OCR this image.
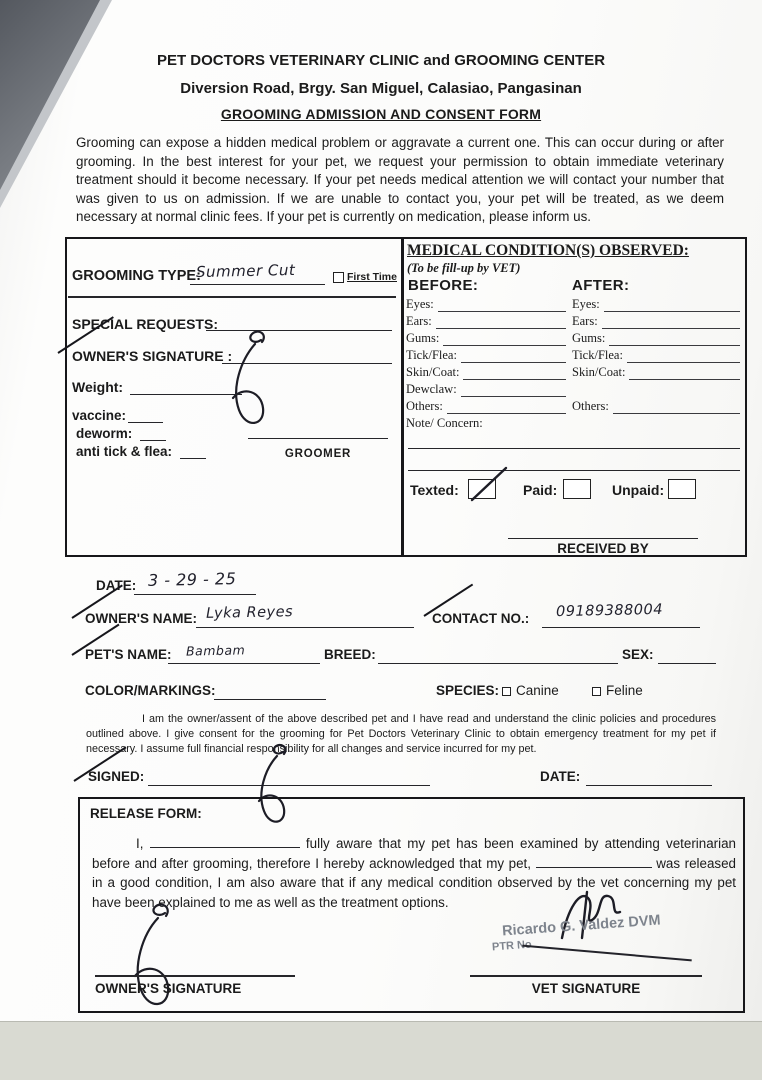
PET DOCTORS VETERINARY CLINIC and GROOMING CENTER
Diversion Road, Brgy. San Miguel, Calasiao, Pangasinan
GROOMING ADMISSION AND CONSENT FORM

Grooming can expose a hidden medical problem or aggravate a current one. This can occur during or after grooming. In the best interest for your pet, we request your permission to obtain immediate veterinary treatment should it become necessary. If your pet needs medical attention we will contact your number that was given to us on admission. If we are unable to contact you, your pet will be treated, as we deem necessary at normal clinic fees. If your pet is currently on medication, please inform us.

GROOMING TYPE:
Summer Cut	First Time
SPECIAL REQUESTS:
OWNER'S SIGNATURE :
Weight:
vaccine:
deworm:
anti tick & flea:	GROOMER
MEDICAL CONDITION(S) OBSERVED:
(To be fill-up by VET)
BEFORE:	AFTER:
Eyes:	Eyes:
Ears:	Ears:
Gums:	Gums:
Tick/Flea:	Tick/Flea:
Skin/Coat:	Skin/Coat:
Dewclaw:
Others:	Others:
Note/ Concern:
Texted:	Paid:	Unpaid:
RECEIVED BY
DATE: 3 - 29 - 25
OWNER'S NAME: Lyka Reyes	CONTACT NO.: 09189388004
PET'S NAME: Bambam	BREED:	SEX:
COLOR/MARKINGS:	SPECIES: Canine	Feline

I am the owner/assent of the above described pet and I have read and understand the clinic policies and procedures outlined above. I give consent for the grooming for Pet Doctors Veterinary Clinic to obtain emergency treatment for my pet if necessary. I assume full financial responsibility for all changes and service incurred for my pet.

SIGNED:	DATE:
RELEASE FORM:

I,	fully aware that my pet has been examined by attending veterinarian before and after grooming, therefore I hereby acknowledged that my pet,	was released in a good condition, I am also aware that if any medical condition observed by the vet concerning my pet have been explained to me as well as the treatment options.

OWNER'S SIGNATURE
Ricardo G. Valdez DVM
PTR No
VET SIGNATURE
